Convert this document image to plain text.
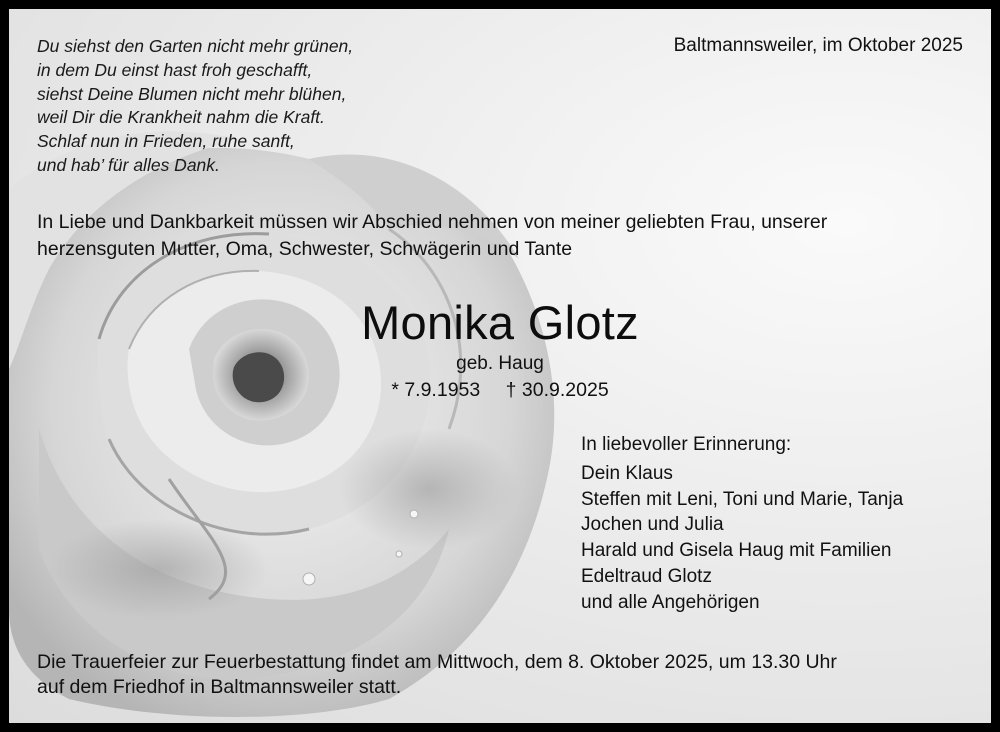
Du siehst den Garten nicht mehr grünen,
in dem Du einst hast froh geschafft,
siehst Deine Blumen nicht mehr blühen,
weil Dir die Krankheit nahm die Kraft.
Schlaf nun in Frieden, ruhe sanft,
und hab’ für alles Dank.
Baltmannsweiler, im Oktober 2025
In Liebe und Dankbarkeit müssen wir Abschied nehmen von meiner geliebten Frau, unserer
herzensguten Mutter, Oma, Schwester, Schwägerin und Tante
Monika Glotz
geb. Haug
* 7.9.1953 † 30.9.2025
In liebevoller Erinnerung:
Dein Klaus
Steffen mit Leni, Toni und Marie, Tanja
Jochen und Julia
Harald und Gisela Haug mit Familien
Edeltraud Glotz
und alle Angehörigen
Die Trauerfeier zur Feuerbestattung findet am Mittwoch, dem 8. Oktober 2025, um 13.30 Uhr
auf dem Friedhof in Baltmannsweiler statt.
